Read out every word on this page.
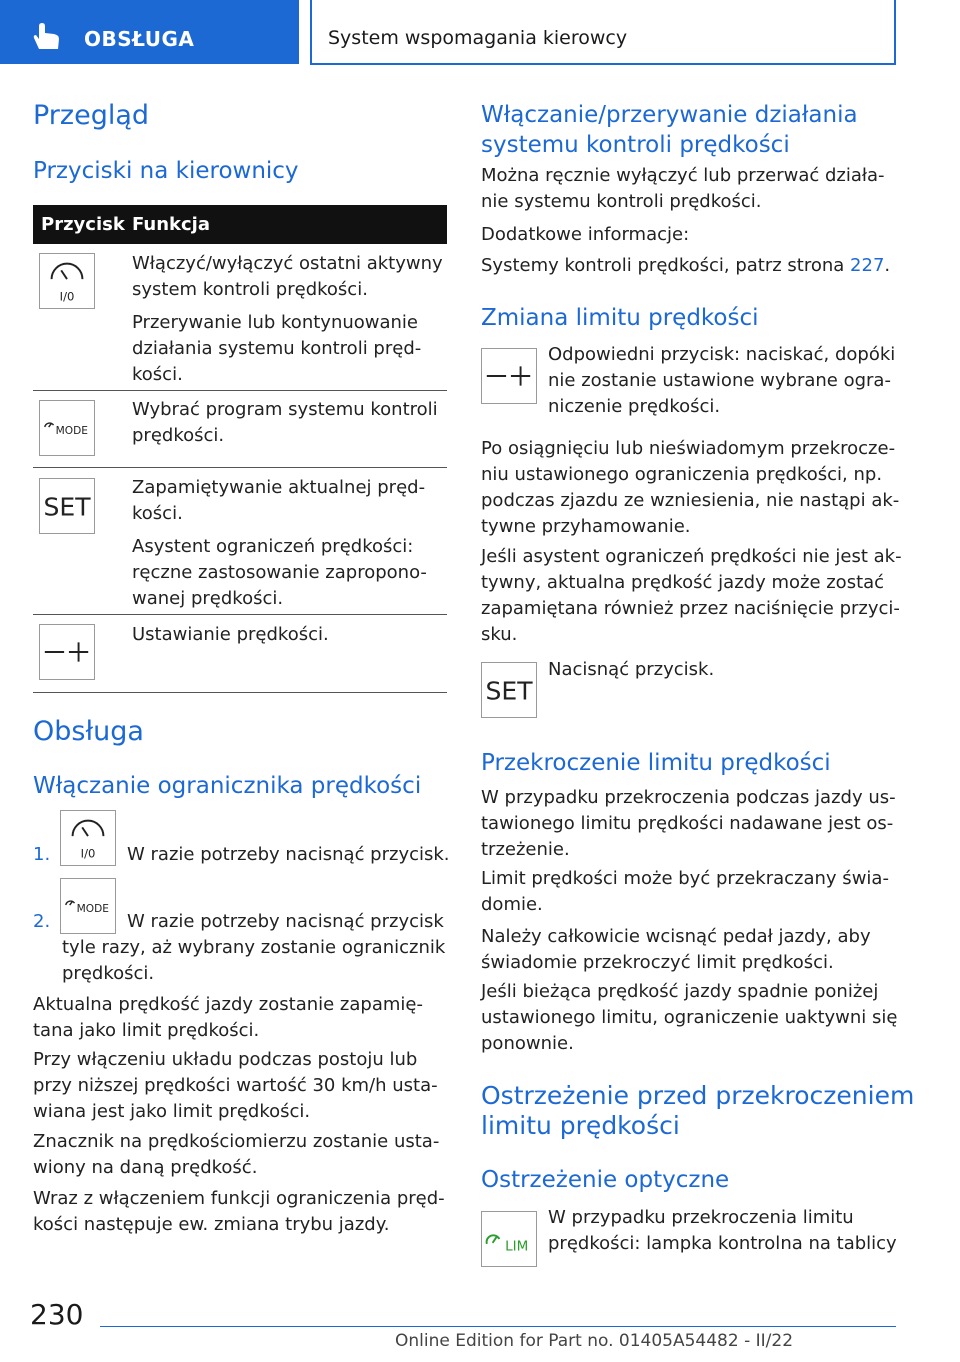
OBSŁUGA	System wspomagania kierowcy
Przegląd
Przyciski na kierownicy
Przycisk Funkcja
I/0
Włączyć/wyłączyć ostatni aktywny
system kontroli prędkości.
Przerywanie lub kontynuowanie
działania systemu kontroli pręd-
kości.
MODE
Wybrać program systemu kontroli
prędkości.
SET
Zapamiętywanie aktualnej pręd-
kości.
Asystent ograniczeń prędkości:
ręczne zastosowanie zapropono-
wanej prędkości.
Ustawianie prędkości.
Obsługa
Włączanie ogranicznika prędkości
1.	I/0 W razie potrzeby nacisnąć przycisk.
2.
MODE
W razie potrzeby nacisnąć przycisk
tyle razy, aż wybrany zostanie ogranicznik
prędkości.
Aktualna prędkość jazdy zostanie zapamię-
tana jako limit prędkości.
Przy włączeniu układu podczas postoju lub
przy niższej prędkości wartość 30 km/h usta-
wiana jest jako limit prędkości.
Znacznik na prędkościomierzu zostanie usta-
wiony na daną prędkość.
Wraz z włączeniem funkcji ograniczenia pręd-
kości następuje ew. zmiana trybu jazdy.
Włączanie/przerywanie działania
systemu kontroli prędkości
Można ręcznie wyłączyć lub przerwać działa-
nie systemu kontroli prędkości.
Dodatkowe informacje:
Systemy kontroli prędkości, patrz strona 227.
Zmiana limitu prędkości
Odpowiedni przycisk: naciskać, dopóki
nie zostanie ustawione wybrane ogra-
niczenie prędkości.
Po osiągnięciu lub nieświadomym przekrocze-
niu ustawionego ograniczenia prędkości, np.
podczas zjazdu ze wzniesienia, nie nastąpi ak-
tywne przyhamowanie.
Jeśli asystent ograniczeń prędkości nie jest ak-
tywny, aktualna prędkość jazdy może zostać
zapamiętana również przez naciśnięcie przyci-
sku.
SET
Nacisnąć przycisk.
Przekroczenie limitu prędkości
W przypadku przekroczenia podczas jazdy us-
tawionego limitu prędkości nadawane jest os-
trzeżenie.
Limit prędkości może być przekraczany świa-
domie.
Należy całkowicie wcisnąć pedał jazdy, aby
świadomie przekroczyć limit prędkości.
Jeśli bieżąca prędkość jazdy spadnie poniżej
ustawionego limitu, ograniczenie uaktywni się
ponownie.
Ostrzeżenie przed przekroczeniem
limitu prędkości
Ostrzeżenie optyczne
LIM
W przypadku przekroczenia limitu
prędkości: lampka kontrolna na tablicy
230
Online Edition for Part no. 01405A54482 - II/22
